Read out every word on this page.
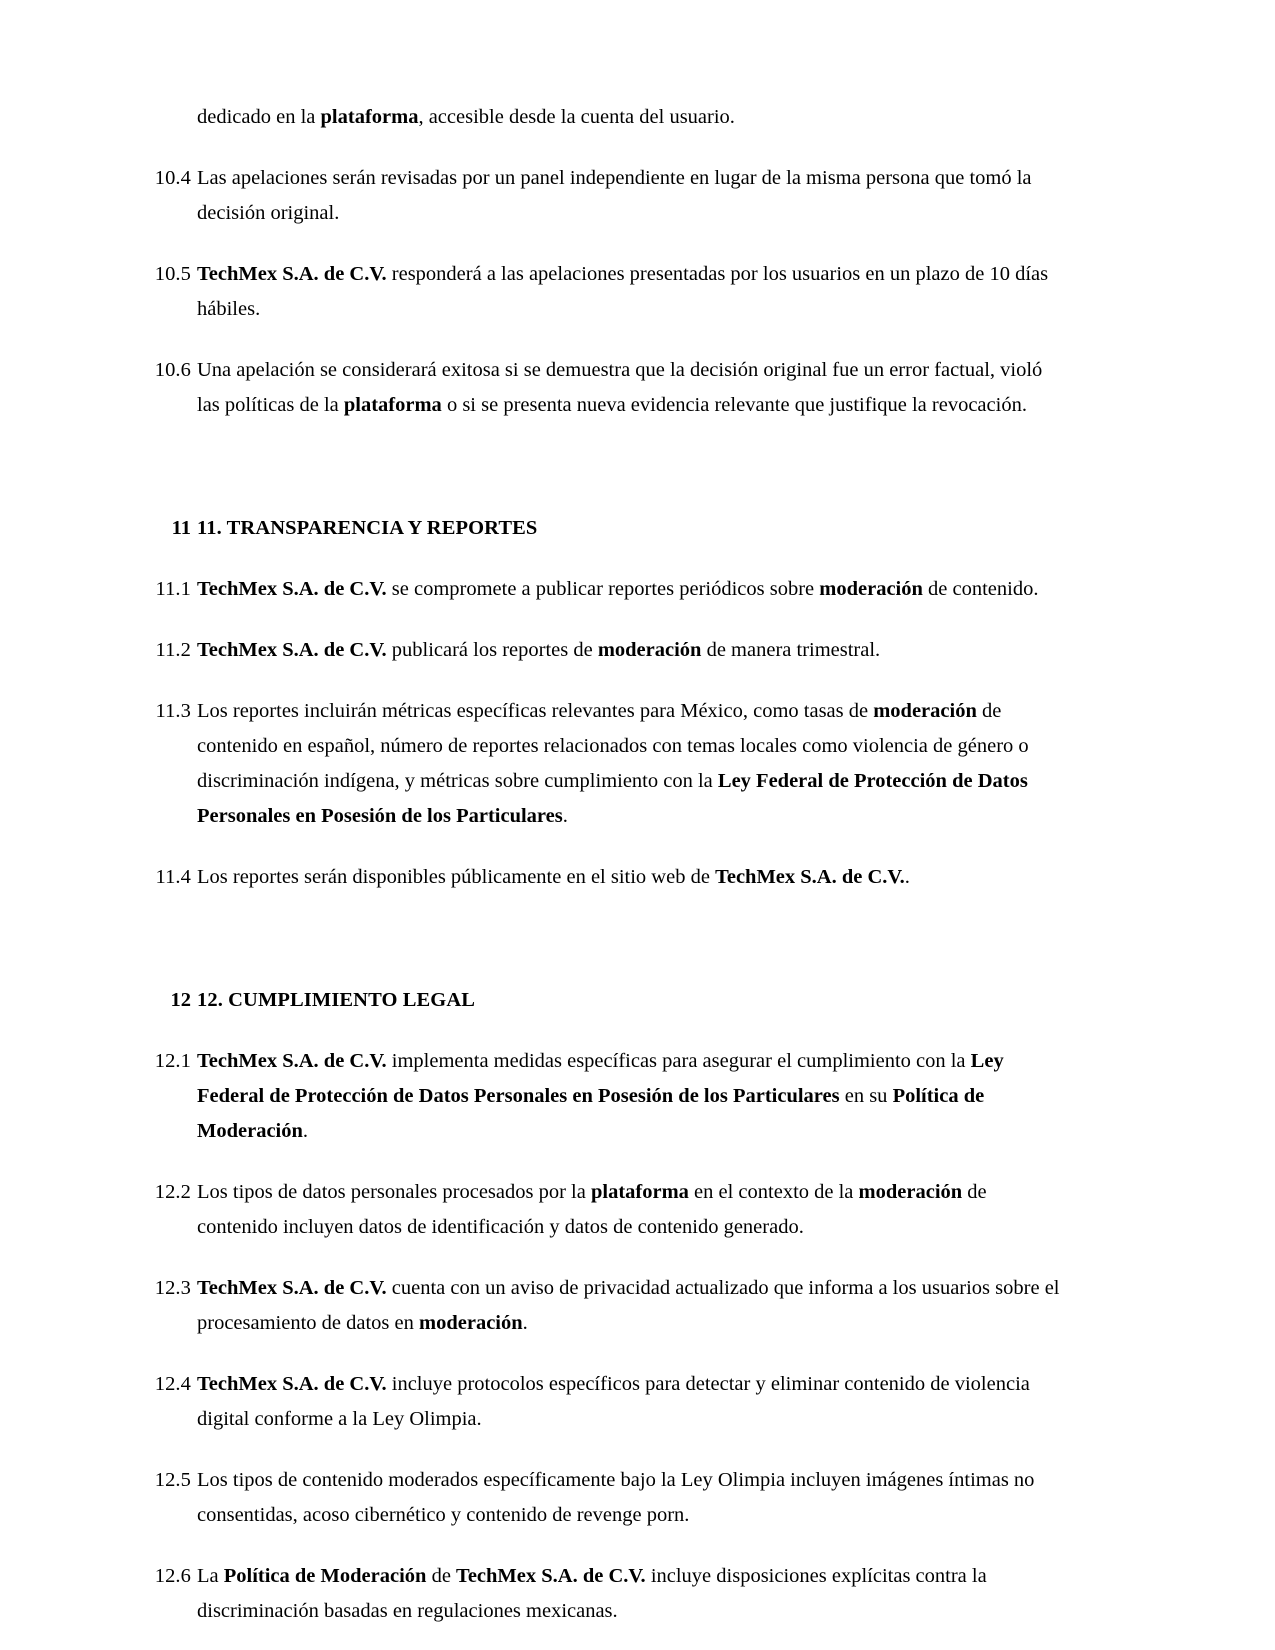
dedicado en la plataforma, accesible desde la cuenta del usuario.
10.4 Las apelaciones serán revisadas por un panel independiente en lugar de la misma persona que tomó la decisión original.
10.5 TechMex S.A. de C.V. responderá a las apelaciones presentadas por los usuarios en un plazo de 10 días hábiles.
10.6 Una apelación se considerará exitosa si se demuestra que la decisión original fue un error factual, violó las políticas de la plataforma o si se presenta nueva evidencia relevante que justifique la revocación.
11 11. TRANSPARENCIA Y REPORTES
11.1 TechMex S.A. de C.V. se compromete a publicar reportes periódicos sobre moderación de contenido.
11.2 TechMex S.A. de C.V. publicará los reportes de moderación de manera trimestral.
11.3 Los reportes incluirán métricas específicas relevantes para México, como tasas de moderación de contenido en español, número de reportes relacionados con temas locales como violencia de género o discriminación indígena, y métricas sobre cumplimiento con la Ley Federal de Protección de Datos Personales en Posesión de los Particulares.
11.4 Los reportes serán disponibles públicamente en el sitio web de TechMex S.A. de C.V..
12 12. CUMPLIMIENTO LEGAL
12.1 TechMex S.A. de C.V. implementa medidas específicas para asegurar el cumplimiento con la Ley Federal de Protección de Datos Personales en Posesión de los Particulares en su Política de Moderación.
12.2 Los tipos de datos personales procesados por la plataforma en el contexto de la moderación de contenido incluyen datos de identificación y datos de contenido generado.
12.3 TechMex S.A. de C.V. cuenta con un aviso de privacidad actualizado que informa a los usuarios sobre el procesamiento de datos en moderación.
12.4 TechMex S.A. de C.V. incluye protocolos específicos para detectar y eliminar contenido de violencia digital conforme a la Ley Olimpia.
12.5 Los tipos de contenido moderados específicamente bajo la Ley Olimpia incluyen imágenes íntimas no consentidas, acoso cibernético y contenido de revenge porn.
12.6 La Política de Moderación de TechMex S.A. de C.V. incluye disposiciones explícitas contra la discriminación basadas en regulaciones mexicanas.
